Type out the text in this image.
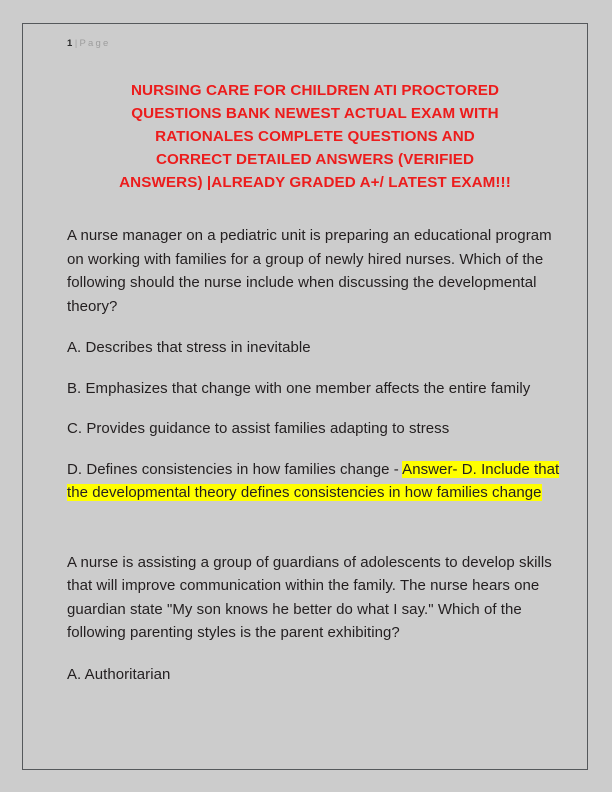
1 | Page
NURSING CARE FOR CHILDREN ATI PROCTORED
QUESTIONS BANK NEWEST ACTUAL EXAM WITH
RATIONALES COMPLETE QUESTIONS AND
CORRECT DETAILED ANSWERS (VERIFIED
ANSWERS) |ALREADY GRADED A+/ LATEST EXAM!!!

A nurse manager on a pediatric unit is preparing an educational program on working with families for a group of newly hired nurses. Which of the following should the nurse include when discussing the developmental theory?

A. Describes that stress in inevitable

B. Emphasizes that change with one member affects the entire family

C. Provides guidance to assist families adapting to stress

D. Defines consistencies in how families change - Answer- D. Include that the developmental theory defines consistencies in how families change

A nurse is assisting a group of guardians of adolescents to develop skills that will improve communication within the family. The nurse hears one guardian state "My son knows he better do what I say." Which of the following parenting styles is the parent exhibiting?

A. Authoritarian
